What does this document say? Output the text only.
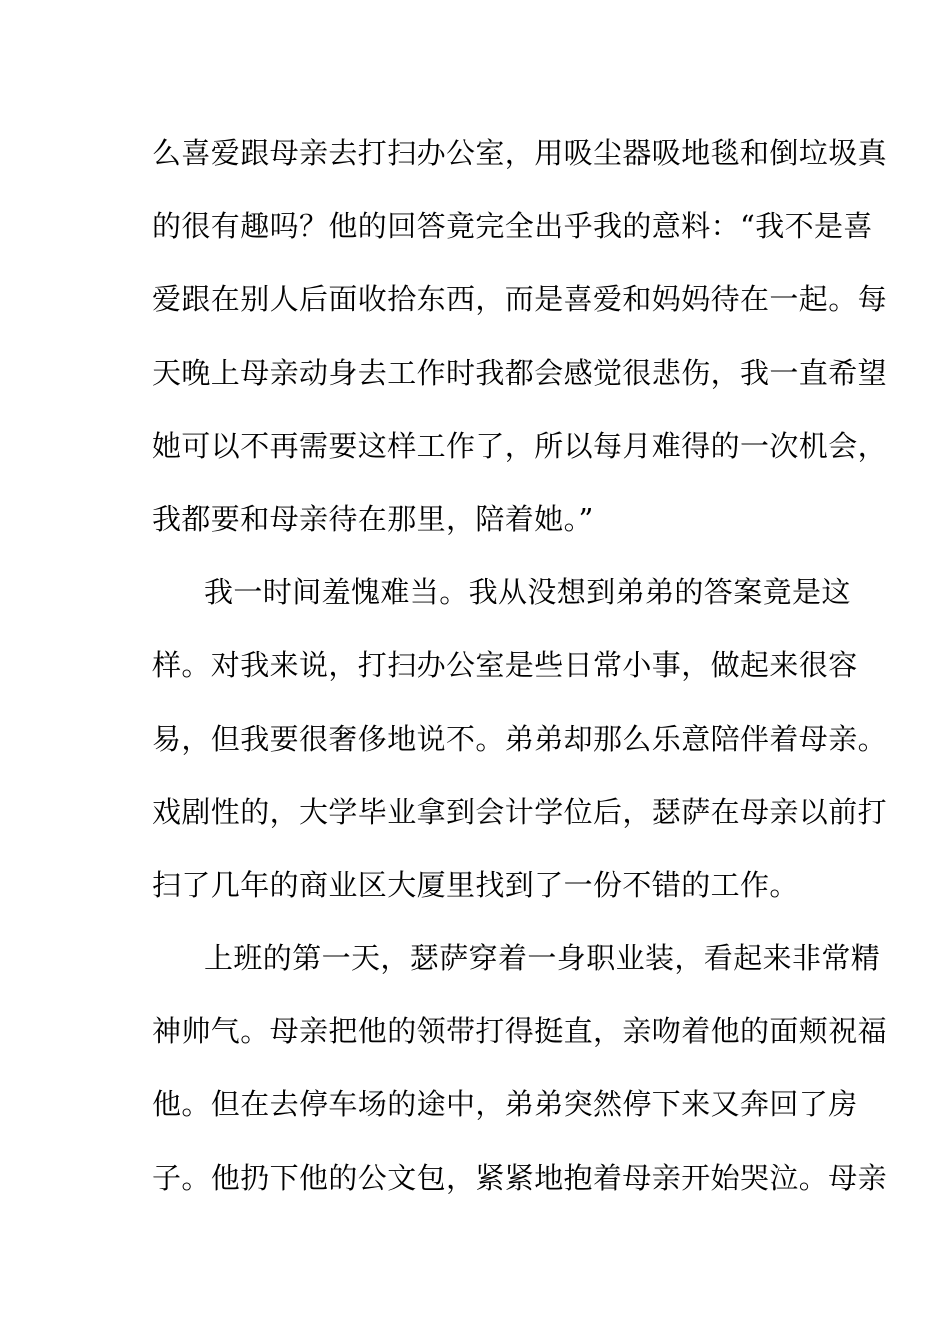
么喜爱跟母亲去打扫办公室，用吸尘器吸地毯和倒垃圾真
的很有趣吗？他的回答竟完全出乎我的意料：“我不是喜
爱跟在别人后面收拾东西，而是喜爱和妈妈待在一起。每
天晚上母亲动身去工作时我都会感觉很悲伤，我一直希望
她可以不再需要这样工作了，所以每月难得的一次机会，
我都要和母亲待在那里，陪着她。”
我一时间羞愧难当。我从没想到弟弟的答案竟是这
样。对我来说，打扫办公室是些日常小事，做起来很容
易，但我要很奢侈地说不。弟弟却那么乐意陪伴着母亲。
戏剧性的，大学毕业拿到会计学位后，瑟萨在母亲以前打
扫了几年的商业区大厦里找到了一份不错的工作。
上班的第一天，瑟萨穿着一身职业装，看起来非常精
神帅气。母亲把他的领带打得挺直，亲吻着他的面颊祝福
他。但在去停车场的途中，弟弟突然停下来又奔回了房
子。他扔下他的公文包，紧紧地抱着母亲开始哭泣。母亲
